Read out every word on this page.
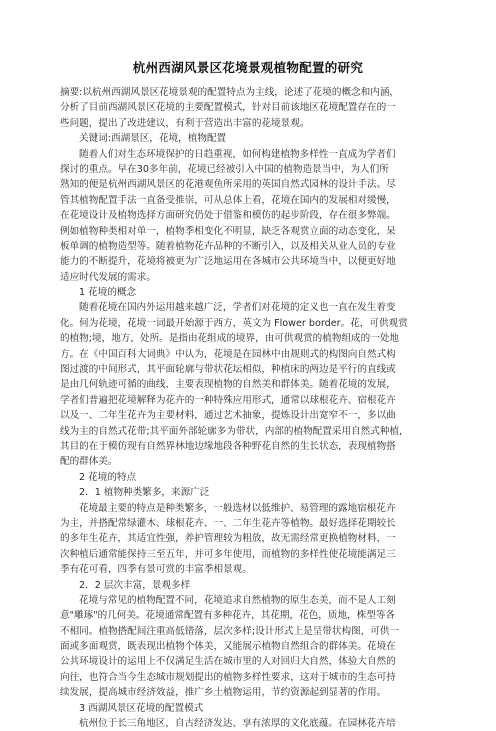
杭州西湖风景区花境景观植物配置的研究
摘要:以杭州西湖风景区花境景观的配置特点为主线，论述了花境的概念和内涵，
分析了目前西湖风景区花境的主要配置模式，针对目前该地区花境配置存在的一
些问题，提出了改进建议，有利于营造出丰富的花境景观。
关键词:西湖景区，花境，植物配置
随着人们对生态环境保护的日趋重视，如何构建植物多样性一直成为学者们
探讨的重点。早在30多年前，花境已经被引入中国的植物造景当中，为人们所
熟知的便是杭州西湖风景区的花港观鱼所采用的英国自然式园林的设计手法。尽
管其植物配置手法一直备受推崇，可从总体上看，花境在国内的发展相对缓慢，
在花境设计及植物选择方面研究仍处于借鉴和模仿的起步阶段，存在很多弊端。
例如植物种类相对单一，植物季相变化不明显，缺乏各观赏立面的动态变化，呆
板单调的植物造型等。随着植物花卉品种的不断引入，以及相关从业人员的专业
能力的不断提升，花境将被更为广泛地运用在各城市公共环境当中，以便更好地
适应时代发展的需求。
1 花境的概念
随着花境在国内外运用越来越广泛，学者们对花境的定义也一直在发生着变
化。何为花境，花境一词最开始源于西方，英文为 Flower border。花，可供观赏
的植物;境，地方，处所。是指由花组成的境界，由可供观赏的植物组成的一处地
方。在《中国百科大词典》中认为，花境是在园林中由规则式的构图向自然式构
图过渡的中间形式，其平面轮廓与带状花坛相似，种植床的两边是平行的直线或
是由几何轨迹可循的曲线，主要表现植物的自然美和群体美。随着花境的发展，
学者们普遍把花境解释为花卉的一种特殊应用形式，通常以球根花卉、宿根花卉
以及一、二年生花卉为主要材料，通过艺术抽象，提炼设计出宽窄不一，多以曲
线为主的自然式花带;其平面外部轮廓多为带状，内部的植物配置采用自然式种植，
其目的在于模仿现有自然界林地边缘地段各种野花自然的生长状态，表现植物搭
配的群体美。
2 花境的特点
2．1 植物种类繁多，来源广泛
花境最主要的特点是种类繁多，一般选材以低维护、易管理的露地宿根花卉
为主，并搭配常绿灌木、球根花卉、一、二年生花卉等植物。最好选择花期较长
的多年生花卉，其适宜性强，养护管理较为粗放，故无需经常更换植物材料，一
次种植后通常能保持三至五年，并可多年使用，而植物的多样性使花境能满足三
季有花可看，四季有景可赏的丰富季相景观。
2．2 层次丰富，景观多样
花境与常见的植物配置不同，花境追求自然植物的原生态美，而不是人工刻
意"雕琢"的几何美。花境通常配置有多种花卉，其花期，花色，质地，株型等各
不相同。植物搭配间注重高低错落，层次多样;设计形式上是呈带状构图，可供一
面或多面观赏，既表现出植物个体美，又能展示植物自然组合的群体美。花境在
公共环境设计的运用上不仅满足生活在城市里的人对回归大自然，体验大自然的
向往，也符合当今生态城市规划提出的植物多样性要求，这对于城市的生态可持
续发展，提高城市经济效益，推广乡土植物运用，节约资源起到显著的作用。
3 西湖风景区花境的配置模式
杭州位于长三角地区，自古经济发达、享有浓厚的文化底蕴。在园林花卉培
